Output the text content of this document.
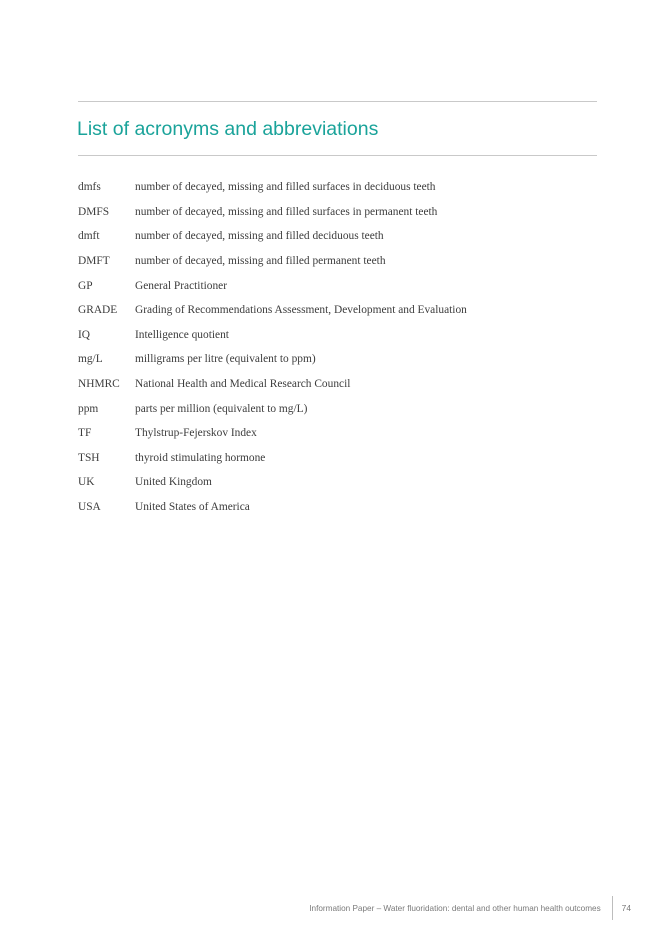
List of acronyms and abbreviations
dmfs	number of decayed, missing and filled surfaces in deciduous teeth
DMFS	number of decayed, missing and filled surfaces in permanent teeth
dmft	number of decayed, missing and filled deciduous teeth
DMFT	number of decayed, missing and filled permanent teeth
GP	General Practitioner
GRADE	Grading of Recommendations Assessment, Development and Evaluation
IQ	Intelligence quotient
mg/L	milligrams per litre (equivalent to ppm)
NHMRC	National Health and Medical Research Council
ppm	parts per million (equivalent to mg/L)
TF	Thylstrup-Fejerskov Index
TSH	thyroid stimulating hormone
UK	United Kingdom
USA	United States of America
Information Paper – Water fluoridation: dental and other human health outcomes	74
